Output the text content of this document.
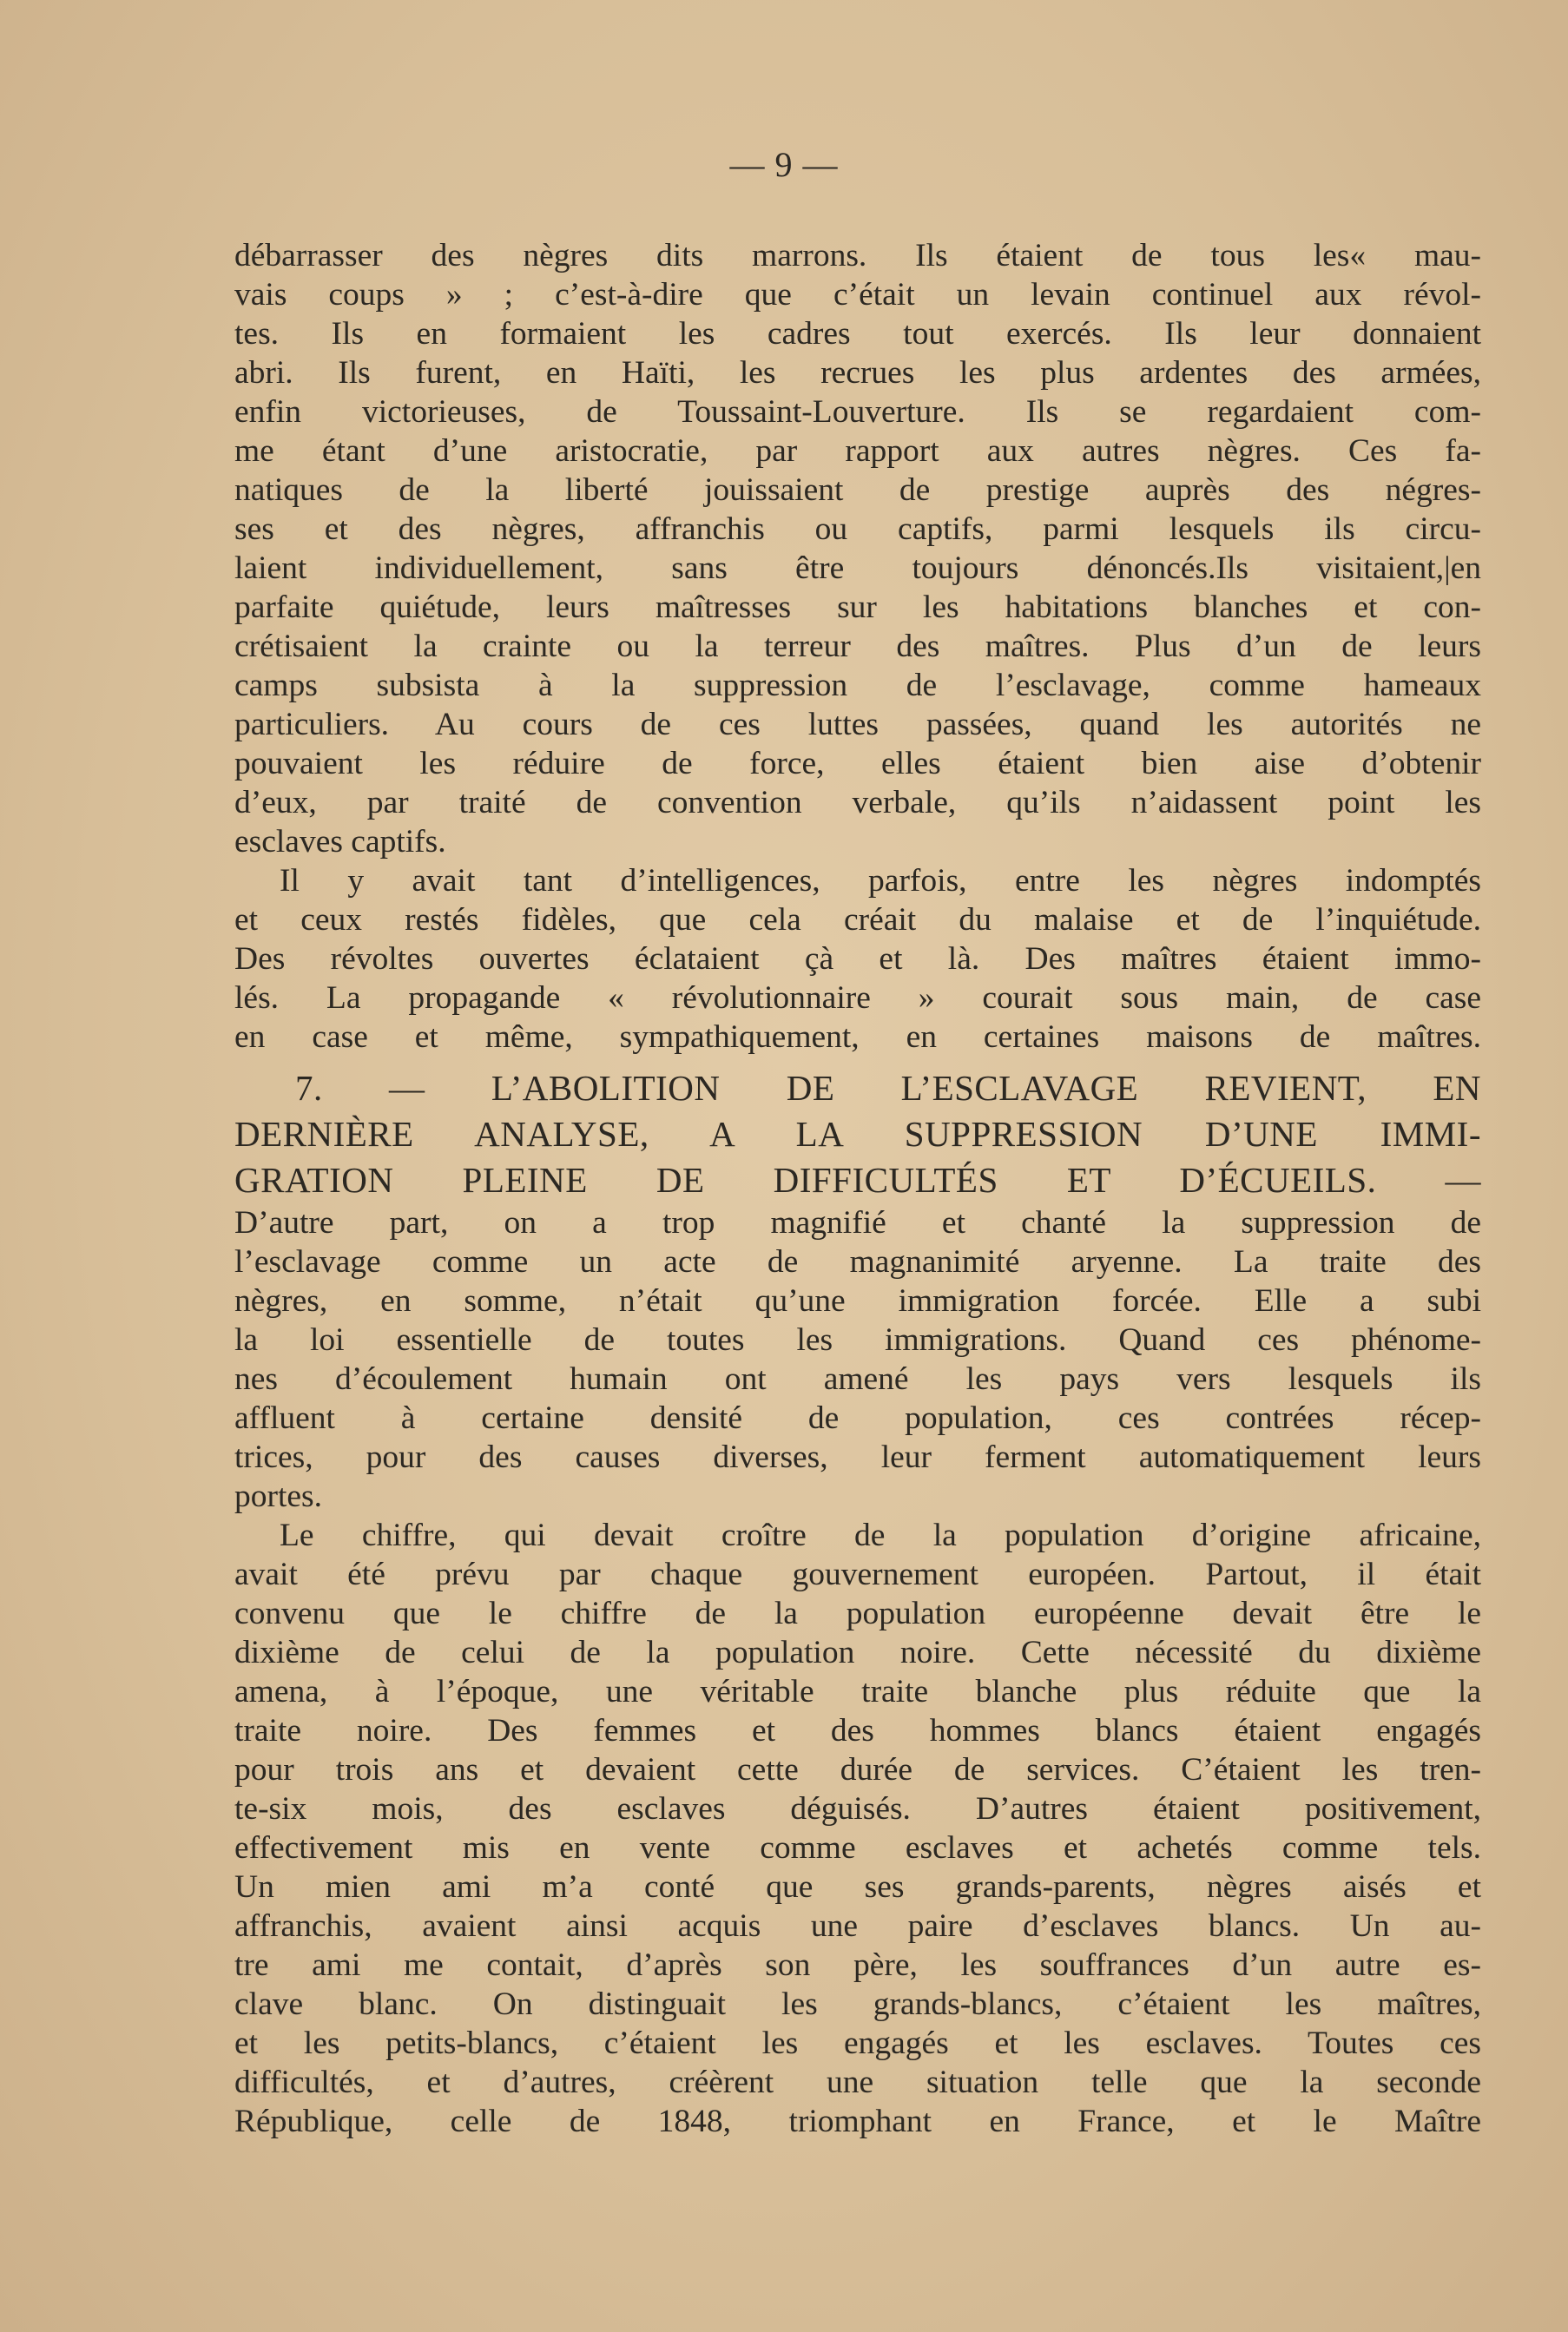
— 9 —
débarrasser des nègres dits marrons. Ils étaient de tous les« mau-
vais coups » ; c’est-à-dire que c’était un levain continuel aux révol-
tes. Ils en formaient les cadres tout exercés. Ils leur donnaient
abri. Ils furent, en Haïti, les recrues les plus ardentes des armées,
enfin victorieuses, de Toussaint-Louverture. Ils se regardaient com-
me étant d’une aristocratie, par rapport aux autres nègres. Ces fa-
natiques de la liberté jouissaient de prestige auprès des négres-
ses et des nègres, affranchis ou captifs, parmi lesquels ils circu-
laient individuellement, sans être toujours dénoncés.Ils visitaient,|en
parfaite quiétude, leurs maîtresses sur les habitations blanches et con-
crétisaient la crainte ou la terreur des maîtres. Plus d’un de leurs
camps subsista à la suppression de l’esclavage, comme hameaux
particuliers. Au cours de ces luttes passées, quand les autorités ne
pouvaient les réduire de force, elles étaient bien aise d’obtenir
d’eux, par traité de convention verbale, qu’ils n’aidassent point les
esclaves captifs.
Il y avait tant d’intelligences, parfois, entre les nègres indomptés
et ceux restés fidèles, que cela créait du malaise et de l’inquiétude.
Des révoltes ouvertes éclataient çà et là. Des maîtres étaient immo-
lés. La propagande « révolutionnaire » courait sous main, de case
en case et même, sympathiquement, en certaines maisons de maîtres.
7. — L’ABOLITION DE L’ESCLAVAGE REVIENT, EN
DERNIÈRE ANALYSE, A LA SUPPRESSION D’UNE IMMI-
GRATION PLEINE DE DIFFICULTÉS ET D’ÉCUEILS. —
D’autre part, on a trop magnifié et chanté la suppression de
l’esclavage comme un acte de magnanimité aryenne. La traite des
nègres, en somme, n’était qu’une immigration forcée. Elle a subi
la loi essentielle de toutes les immigrations. Quand ces phénome-
nes d’écoulement humain ont amené les pays vers lesquels ils
affluent à certaine densité de population, ces contrées récep-
trices, pour des causes diverses, leur ferment automatiquement leurs
portes.
Le chiffre, qui devait croître de la population d’origine africaine,
avait été prévu par chaque gouvernement européen. Partout, il était
convenu que le chiffre de la population européenne devait être le
dixième de celui de la population noire. Cette nécessité du dixième
amena, à l’époque, une véritable traite blanche plus réduite que la
traite noire. Des femmes et des hommes blancs étaient engagés
pour trois ans et devaient cette durée de services. C’étaient les tren-
te-six mois, des esclaves déguisés. D’autres étaient positivement,
effectivement mis en vente comme esclaves et achetés comme tels.
Un mien ami m’a conté que ses grands-parents, nègres aisés et
affranchis, avaient ainsi acquis une paire d’esclaves blancs. Un au-
tre ami me contait, d’après son père, les souffrances d’un autre es-
clave blanc. On distinguait les grands-blancs, c’étaient les maîtres,
et les petits-blancs, c’étaient les engagés et les esclaves. Toutes ces
difficultés, et d’autres, créèrent une situation telle que la seconde
République, celle de 1848, triomphant en France, et le Maître
